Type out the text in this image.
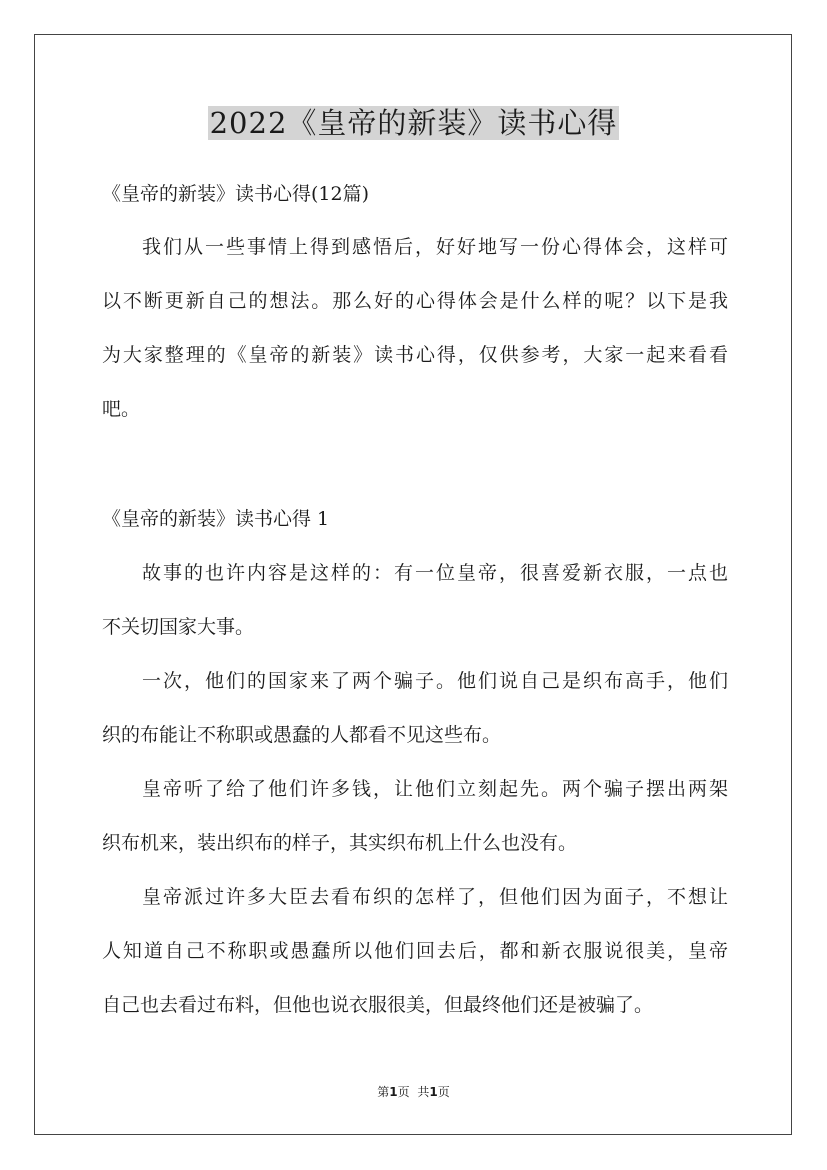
2022《皇帝的新装》读书心得
《皇帝的新装》读书心得(12篇)
我们从一些事情上得到感悟后，好好地写一份心得体会，这样可
以不断更新自己的想法。那么好的心得体会是什么样的呢？以下是我
为大家整理的《皇帝的新装》读书心得，仅供参考，大家一起来看看
吧。
《皇帝的新装》读书心得 1
故事的也许内容是这样的：有一位皇帝，很喜爱新衣服，一点也
不关切国家大事。
一次，他们的国家来了两个骗子。他们说自己是织布高手，他们
织的布能让不称职或愚蠢的人都看不见这些布。
皇帝听了给了他们许多钱，让他们立刻起先。两个骗子摆出两架
织布机来，装出织布的样子，其实织布机上什么也没有。
皇帝派过许多大臣去看布织的怎样了，但他们因为面子，不想让
人知道自己不称职或愚蠢所以他们回去后，都和新衣服说很美，皇帝
自己也去看过布料，但他也说衣服很美，但最终他们还是被骗了。
第1页 共1页
